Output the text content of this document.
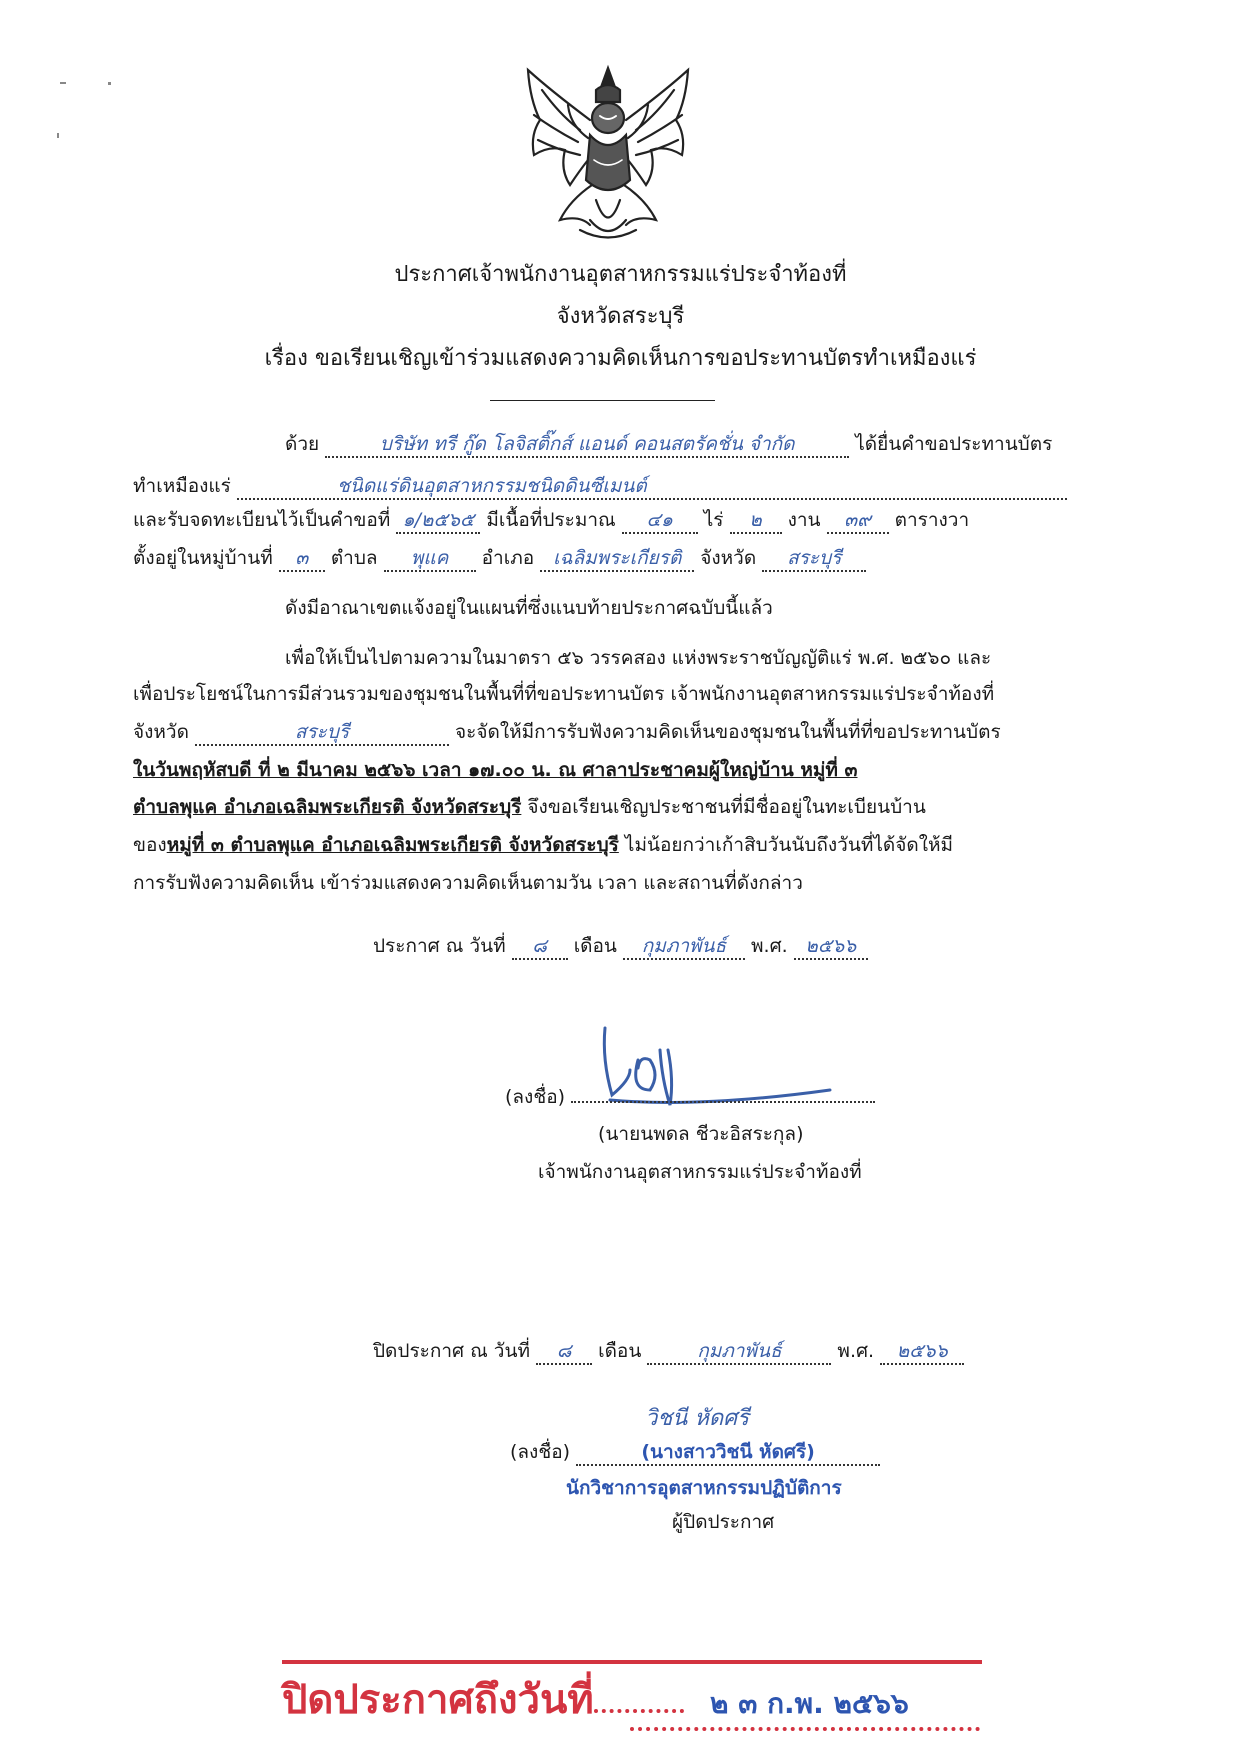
ประกาศเจ้าพนักงานอุตสาหกรรมแร่ประจำท้องที่
จังหวัดสระบุรี
เรื่อง ขอเรียนเชิญเข้าร่วมแสดงความคิดเห็นการขอประทานบัตรทำเหมืองแร่
ด้วย	บริษัท ทรี กู๊ด โลจิสติ๊กส์ แอนด์ คอนสตรัคชั่น จำกัด	ได้ยื่นคำขอประทานบัตร
ทำเหมืองแร่	ชนิดแร่ดินอุตสาหกรรมชนิดดินซีเมนต์
และรับจดทะเบียนไว้เป็นคำขอที่ ๑/๒๕๖๕ มีเนื้อที่ประมาณ ๔๑ ไร่ ๒ งาน ๓๙ ตารางวา
ตั้งอยู่ในหมู่บ้านที่ ๓ ตำบล พุแค อำเภอ เฉลิมพระเกียรติ จังหวัด สระบุรี
ดังมีอาณาเขตแจ้งอยู่ในแผนที่ซึ่งแนบท้ายประกาศฉบับนี้แล้ว
เพื่อให้เป็นไปตามความในมาตรา ๕๖ วรรคสอง แห่งพระราชบัญญัติแร่ พ.ศ. ๒๕๖๐ และ
เพื่อประโยชน์ในการมีส่วนรวมของชุมชนในพื้นที่ที่ขอประทานบัตร เจ้าพนักงานอุตสาหกรรมแร่ประจำท้องที่
จังหวัด	สระบุรี	จะจัดให้มีการรับฟังความคิดเห็นของชุมชนในพื้นที่ที่ขอประทานบัตร
ในวันพฤหัสบดี ที่ ๒ มีนาคม ๒๕๖๖ เวลา ๑๗.๐๐ น. ณ ศาลาประชาคมผู้ใหญ่บ้าน หมู่ที่ ๓
ตำบลพุแค อำเภอเฉลิมพระเกียรติ จังหวัดสระบุรี จึงขอเรียนเชิญประชาชนที่มีชื่ออยู่ในทะเบียนบ้าน
ของหมู่ที่ ๓ ตำบลพุแค อำเภอเฉลิมพระเกียรติ จังหวัดสระบุรี ไม่น้อยกว่าเก้าสิบวันนับถึงวันที่ได้จัดให้มี
การรับฟังความคิดเห็น เข้าร่วมแสดงความคิดเห็นตามวัน เวลา และสถานที่ดังกล่าว
ประกาศ ณ วันที่ ๘ เดือน กุมภาพันธ์ พ.ศ. ๒๕๖๖
(ลงชื่อ)
(นายนพดล ชีวะอิสระกุล)
เจ้าพนักงานอุตสาหกรรมแร่ประจำท้องที่
ปิดประกาศ ณ วันที่ ๘ เดือน	กุมภาพันธ์	พ.ศ. ๒๕๖๖
วิชนี หัดศรี
(ลงชื่อ)	(นางสาววิชนี หัดศรี)
นักวิชาการอุตสาหกรรมปฏิบัติการ
ผู้ปิดประกาศ
ปิดประกาศถึงวันที่	๒ ๓ ก.พ. ๒๕๖๖
